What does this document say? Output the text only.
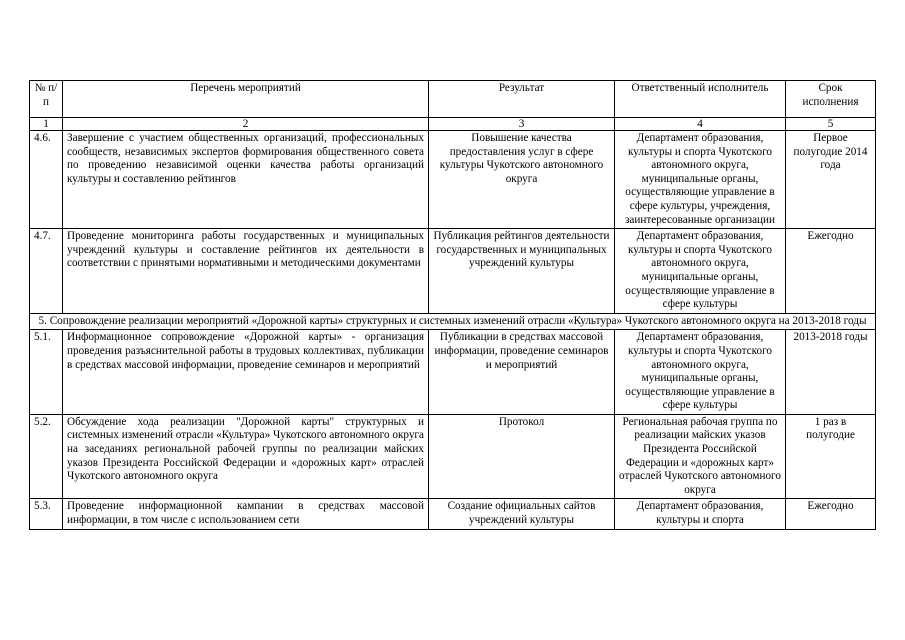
№ п/п	Перечень мероприятий	Результат	Ответственный исполнитель	Срок исполнения
1	2	3	4	5
4.6.	Завершение с участием общественных организаций, профессиональных сообществ, независимых экспертов формирования общественного совета по проведению независимой оценки качества работы организаций культуры и составлению рейтингов	Повышение качества предоставления услуг в сфере культуры Чукотского автономного округа	Департамент образования, культуры и спорта Чукотского автономного округа, муниципальные органы, осуществляющие управление в сфере культуры, учреждения, заинтересованные организации	Первое полугодие 2014 года
4.7.	Проведение мониторинга работы государственных и муниципальных учреждений культуры и составление рейтингов их деятельности в соответствии с принятыми нормативными и методическими документами	Публикация рейтингов деятельности государственных и муниципальных учреждений культуры	Департамент образования, культуры и спорта Чукотского автономного округа, муниципальные органы, осуществляющие управление в сфере культуры	Ежегодно
5. Сопровождение реализации мероприятий «Дорожной карты» структурных и системных изменений отрасли «Культура» Чукотского автономного округа на 2013-2018 годы				
5.1.	Информационное сопровождение «Дорожной карты» - организация проведения разъяснительной работы в трудовых коллективах, публикации в средствах массовой информации, проведение семинаров и мероприятий	Публикации в средствах массовой информации, проведение семинаров и мероприятий	Департамент образования, культуры и спорта Чукотского автономного округа, муниципальные органы, осуществляющие управление в сфере культуры	2013-2018 годы
5.2.	Обсуждение хода реализации "Дорожной карты" структурных и системных изменений отрасли «Культура» Чукотского автономного округа на заседаниях региональной рабочей группы по реализации майских указов Президента Российской Федерации и «дорожных карт» отраслей Чукотского автономного округа	Протокол	Региональная рабочая группа по реализации майских указов Президента Российской Федерации и «дорожных карт» отраслей Чукотского автономного округа	1 раз в полугодие
5.3.	Проведение информационной кампании в средствах массовой информации, в том числе с использованием сети	Создание официальных сайтов учреждений культуры	Департамент образования, культуры и спорта	Ежегодно
